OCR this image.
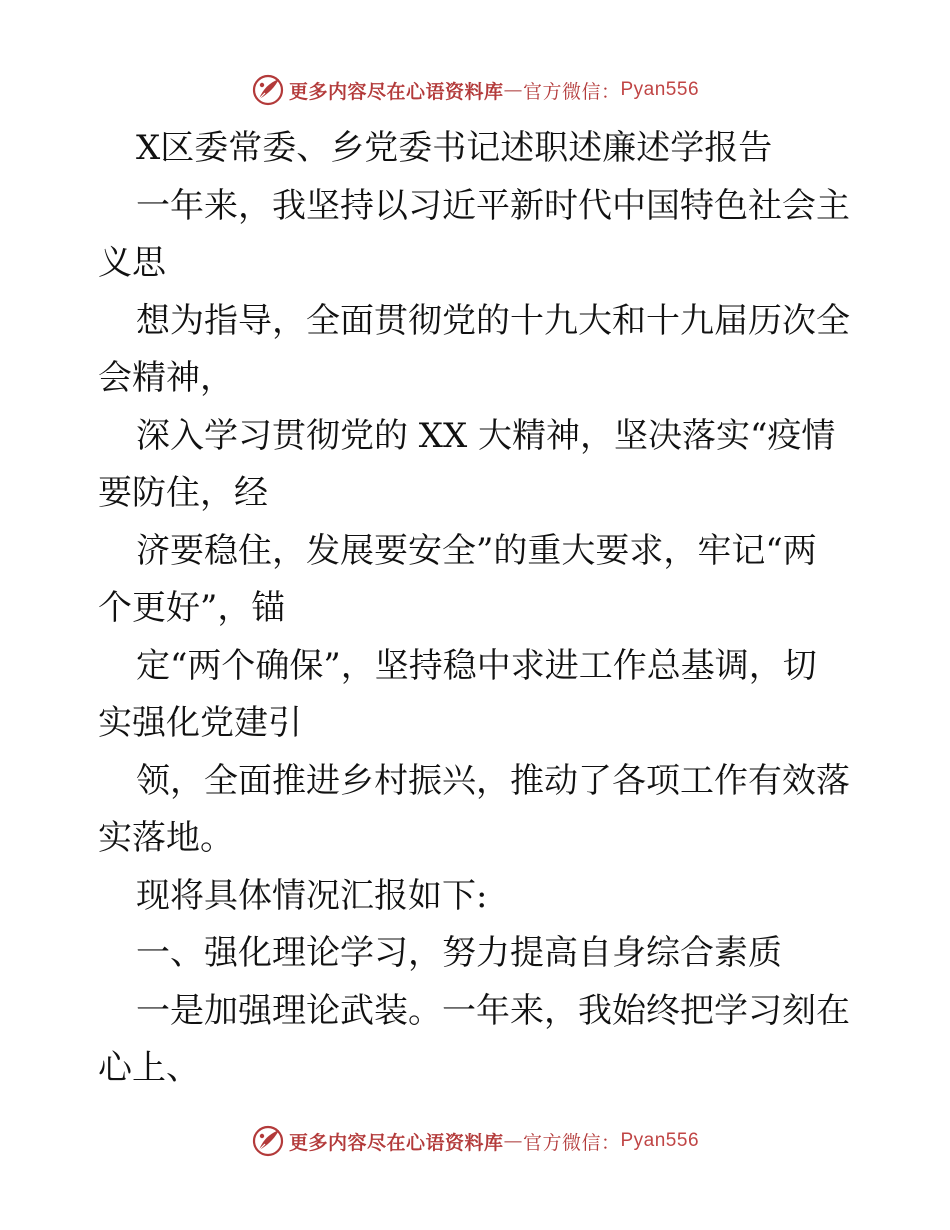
更多内容尽在心语资料库 — 官方微信： Pyan556
X区委常委、乡党委书记述职述廉述学报告
一年来，我坚持以习近平新时代中国特色社会主
义思
想为指导，全面贯彻党的十九大和十九届历次全
会精神，
深入学习贯彻党的 XX 大精神，坚决落实“疫情
要防住，经
济要稳住，发展要安全”的重大要求，牢记“两
个更好”，锚
定“两个确保”，坚持稳中求进工作总基调，切
实强化党建引
领，全面推进乡村振兴，推动了各项工作有效落
实落地。
现将具体情况汇报如下:
一、强化理论学习，努力提高自身综合素质
一是加强理论武装。一年来，我始终把学习刻在
心上、
更多内容尽在心语资料库 — 官方微信： Pyan556
